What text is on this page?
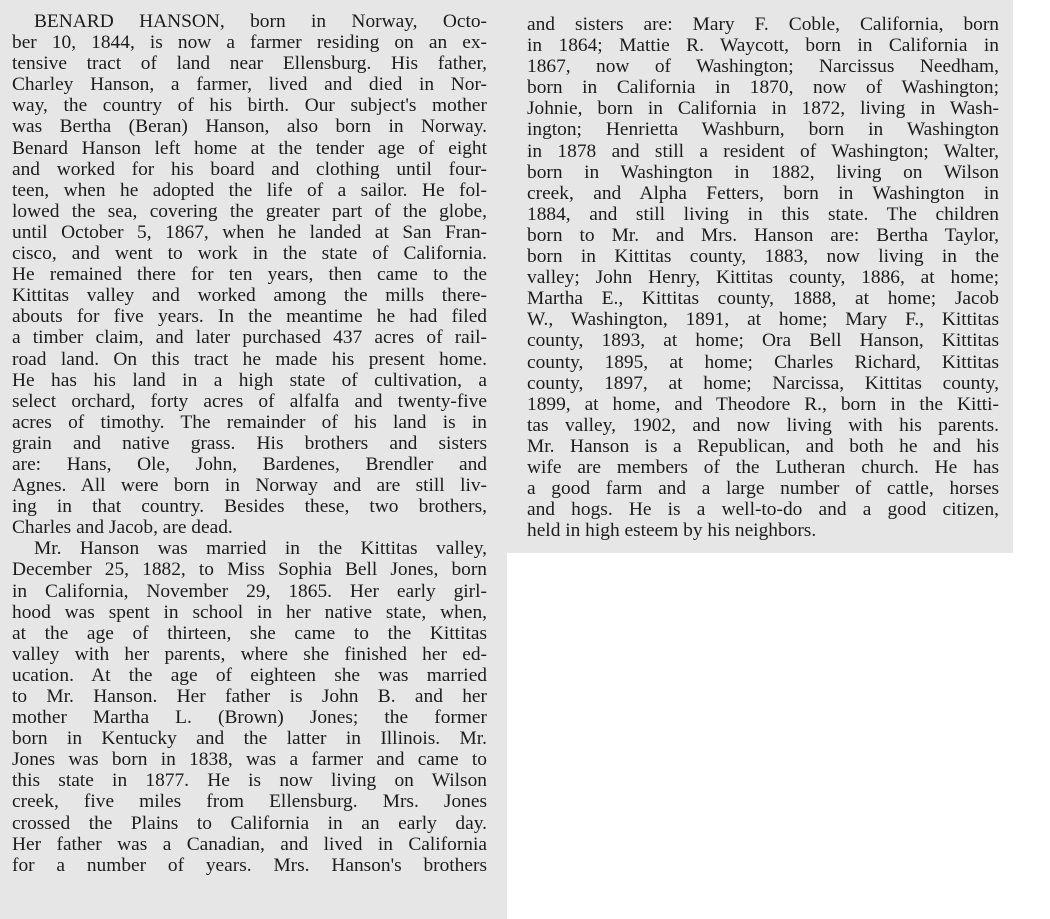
BENARD HANSON, born in Norway, Octo-
ber 10, 1844, is now a farmer residing on an ex-
tensive tract of land near Ellensburg. His father,
Charley Hanson, a farmer, lived and died in Nor-
way, the country of his birth. Our subject's mother
was Bertha (Beran) Hanson, also born in Norway.
Benard Hanson left home at the tender age of eight
and worked for his board and clothing until four-
teen, when he adopted the life of a sailor. He fol-
lowed the sea, covering the greater part of the globe,
until October 5, 1867, when he landed at San Fran-
cisco, and went to work in the state of California.
He remained there for ten years, then came to the
Kittitas valley and worked among the mills there-
abouts for five years. In the meantime he had filed
a timber claim, and later purchased 437 acres of rail-
road land. On this tract he made his present home.
He has his land in a high state of cultivation, a
select orchard, forty acres of alfalfa and twenty-five
acres of timothy. The remainder of his land is in
grain and native grass. His brothers and sisters
are: Hans, Ole, John, Bardenes, Brendler and
Agnes. All were born in Norway and are still liv-
ing in that country. Besides these, two brothers,
Charles and Jacob, are dead.
Mr. Hanson was married in the Kittitas valley,
December 25, 1882, to Miss Sophia Bell Jones, born
in California, November 29, 1865. Her early girl-
hood was spent in school in her native state, when,
at the age of thirteen, she came to the Kittitas
valley with her parents, where she finished her ed-
ucation. At the age of eighteen she was married
to Mr. Hanson. Her father is John B. and her
mother Martha L. (Brown) Jones; the former
born in Kentucky and the latter in Illinois. Mr.
Jones was born in 1838, was a farmer and came to
this state in 1877. He is now living on Wilson
creek, five miles from Ellensburg. Mrs. Jones
crossed the Plains to California in an early day.
Her father was a Canadian, and lived in California
for a number of years. Mrs. Hanson's brothers
and sisters are: Mary F. Coble, California, born
in 1864; Mattie R. Waycott, born in California in
1867, now of Washington; Narcissus Needham,
born in California in 1870, now of Washington;
Johnie, born in California in 1872, living in Wash-
ington; Henrietta Washburn, born in Washington
in 1878 and still a resident of Washington; Walter,
born in Washington in 1882, living on Wilson
creek, and Alpha Fetters, born in Washington in
1884, and still living in this state. The children
born to Mr. and Mrs. Hanson are: Bertha Taylor,
born in Kittitas county, 1883, now living in the
valley; John Henry, Kittitas county, 1886, at home;
Martha E., Kittitas county, 1888, at home; Jacob
W., Washington, 1891, at home; Mary F., Kittitas
county, 1893, at home; Ora Bell Hanson, Kittitas
county, 1895, at home; Charles Richard, Kittitas
county, 1897, at home; Narcissa, Kittitas county,
1899, at home, and Theodore R., born in the Kitti-
tas valley, 1902, and now living with his parents.
Mr. Hanson is a Republican, and both he and his
wife are members of the Lutheran church. He has
a good farm and a large number of cattle, horses
and hogs. He is a well-to-do and a good citizen,
held in high esteem by his neighbors.
